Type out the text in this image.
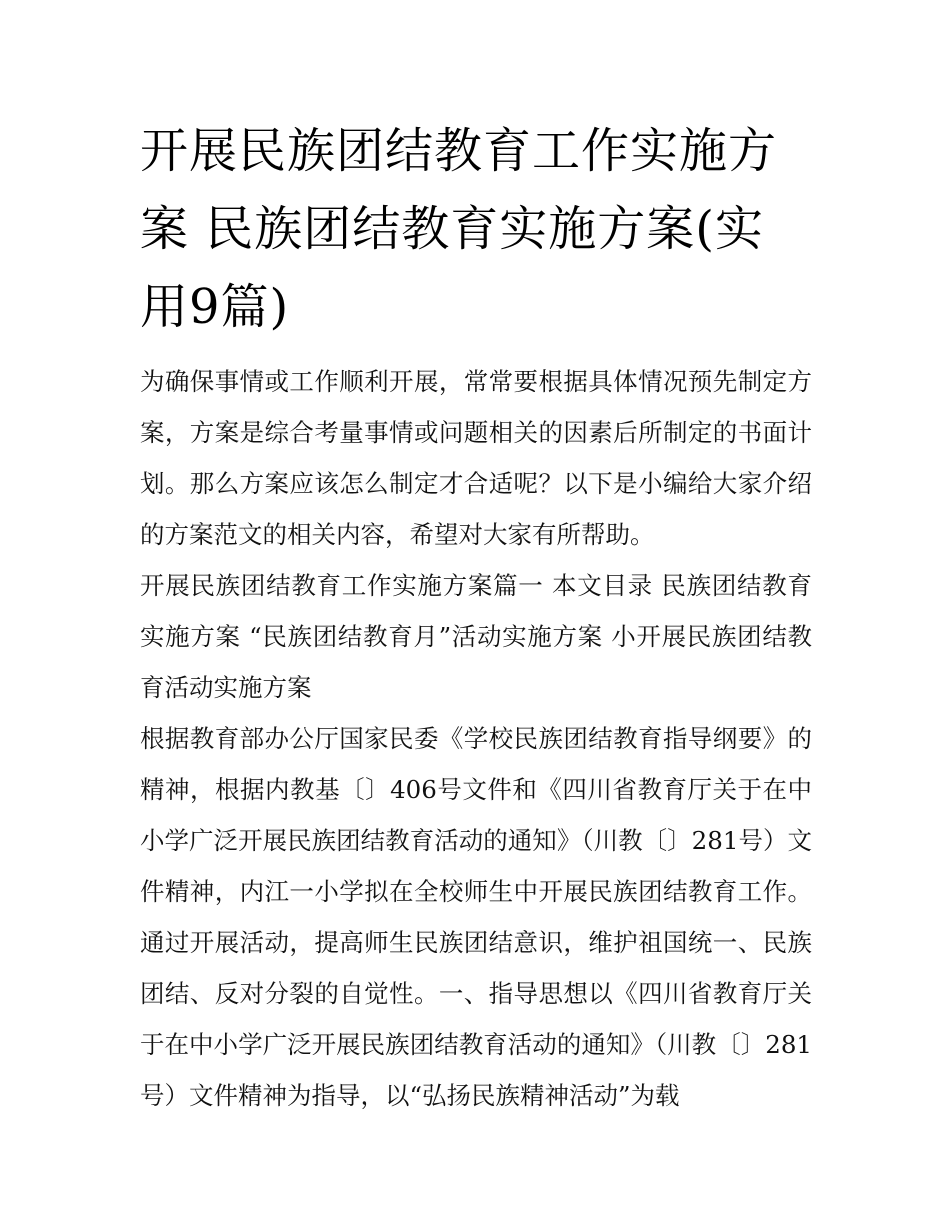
开展民族团结教育工作实施方案 民族团结教育实施方案(实用9篇)

为确保事情或工作顺利开展，常常要根据具体情况预先制定方案，方案是综合考量事情或问题相关的因素后所制定的书面计划。那么方案应该怎么制定才合适呢？以下是小编给大家介绍的方案范文的相关内容，希望对大家有所帮助。

开展民族团结教育工作实施方案篇一 本文目录 民族团结教育实施方案 “民族团结教育月”活动实施方案 小开展民族团结教育活动实施方案

根据教育部办公厅国家民委《学校民族团结教育指导纲要》的精神，根据内教基〔〕406号文件和《四川省教育厅关于在中小学广泛开展民族团结教育活动的通知》（川教〔〕281号）文件精神，内江一小学拟在全校师生中开展民族团结教育工作。通过开展活动，提高师生民族团结意识，维护祖国统一、民族团结、反对分裂的自觉性。一、指导思想以《四川省教育厅关于在中小学广泛开展民族团结教育活动的通知》（川教〔〕281号）文件精神为指导，以“弘扬民族精神活动”为载
